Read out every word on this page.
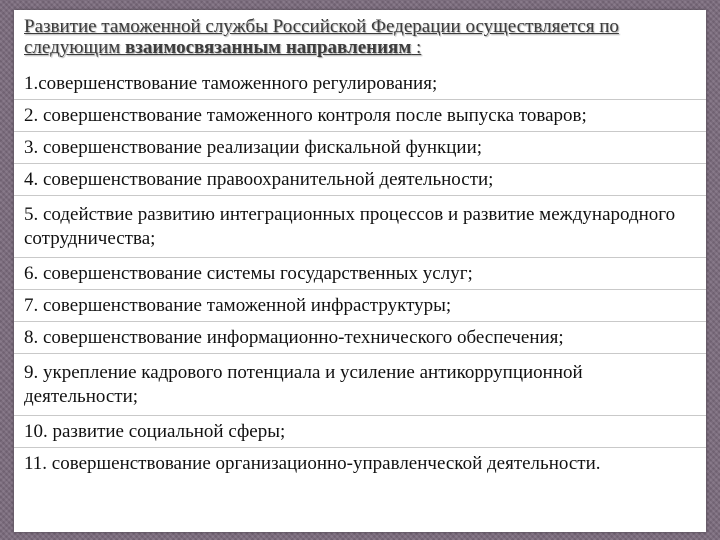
Развитие таможенной службы Российской Федерации осуществляется по следующим взаимосвязанным направлениям :
1.совершенствование таможенного регулирования;
2. совершенствование таможенного контроля после выпуска товаров;
3. совершенствование реализации фискальной функции;
4. совершенствование правоохранительной деятельности;
5. содействие развитию интеграционных процессов и развитие международного сотрудничества;
6. совершенствование системы государственных услуг;
7. совершенствование таможенной инфраструктуры;
8. совершенствование информационно-технического обеспечения;
9. укрепление кадрового потенциала и усиление антикоррупционной деятельности;
10. развитие социальной сферы;
11. совершенствование организационно-управленческой деятельности.
